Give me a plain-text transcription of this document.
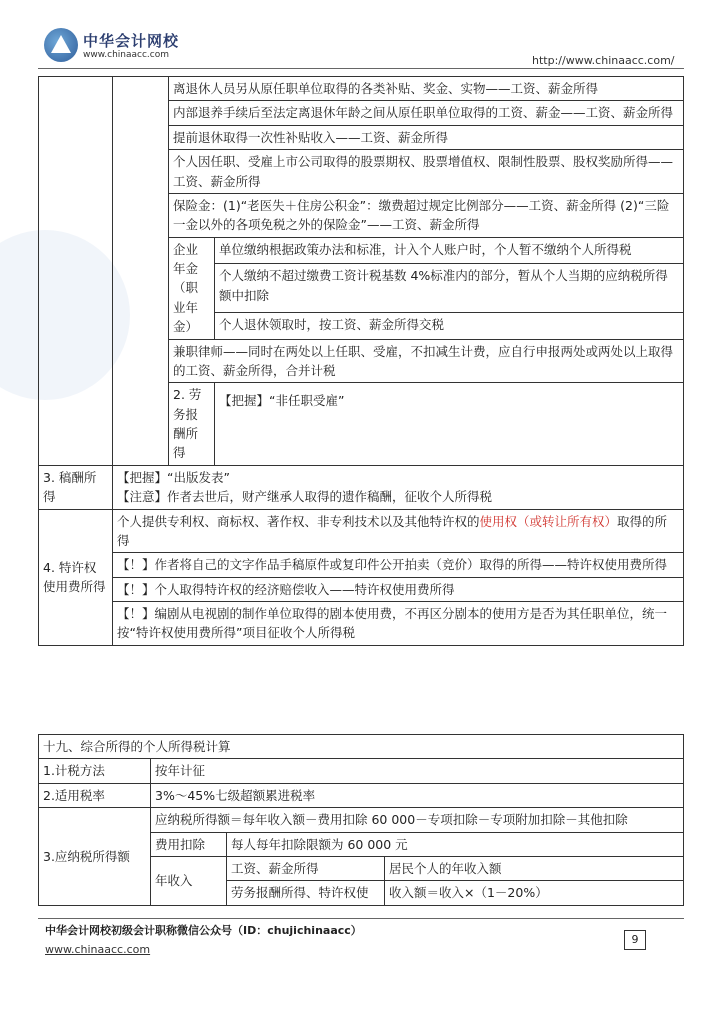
中华会计网校
www.chinaacc.com	http://www.chinaacc.com/
		离退休人员另从原任职单位取得的各类补贴、奖金、实物——工资、薪金所得	
		内部退养手续后至法定离退休年龄之间从原任职单位取得的工资、薪金——工资、薪金所得	
		提前退休取得一次性补贴收入——工资、薪金所得	
		个人因任职、受雇上市公司取得的股票期权、股票增值权、限制性股票、股权奖励所得——工资、薪金所得	
		保险金：(1)“老医失＋住房公积金”：缴费超过规定比例部分——工资、薪金所得 (2)“三险一金以外的各项免税之外的保险金”——工资、薪金所得	
		企业年金（职业年金）	单位缴纳根据政策办法和标准，计入个人账户时，个人暂不缴纳个人所得税
			个人缴纳不超过缴费工资计税基数 4%标准内的部分，暂从个人当期的应纳税所得额中扣除
			个人退休领取时，按工资、薪金所得交税
		兼职律师——同时在两处以上任职、受雇，不扣减生计费，应自行申报两处或两处以上取得的工资、薪金所得，合并计税	
		2. 劳务报酬所得	【把握】“非任职受雇”
3. 稿酬所得	【把握】“出版发表”
【注意】作者去世后，财产继承人取得的遗作稿酬，征收个人所得税		

4. 特许权使用费所得	个人提供专利权、商标权、著作权、非专利技术以及其他特许权的使用权（或转让所有权）取得的所得		
	【！】作者将自己的文字作品手稿原件或复印件公开拍卖（竞价）取得的所得——特许权使用费所得		
	【！】个人取得特许权的经济赔偿收入——特许权使用费所得		
	【！】编剧从电视剧的制作单位取得的剧本使用费，不再区分剧本的使用方是否为其任职单位，统一按“特许权使用费所得”项目征收个人所得税		
十九、综合所得的个人所得税计算			
1.计税方法	按年计征		
2.适用税率	3%～45%七级超额累进税率		
3.应纳税所得额	应纳税所得额＝每年收入额－费用扣除 60 000－专项扣除－专项附加扣除－其他扣除		
	费用扣除	每人每年扣除限额为 60 000 元	
	年收入	工资、薪金所得	居民个人的年收入额
		劳务报酬所得、特许权使	收入额＝收入×（1－20%）
中华会计网校初级会计职称微信公众号（ID：chujichinaacc）
www.chinaacc.com
9
